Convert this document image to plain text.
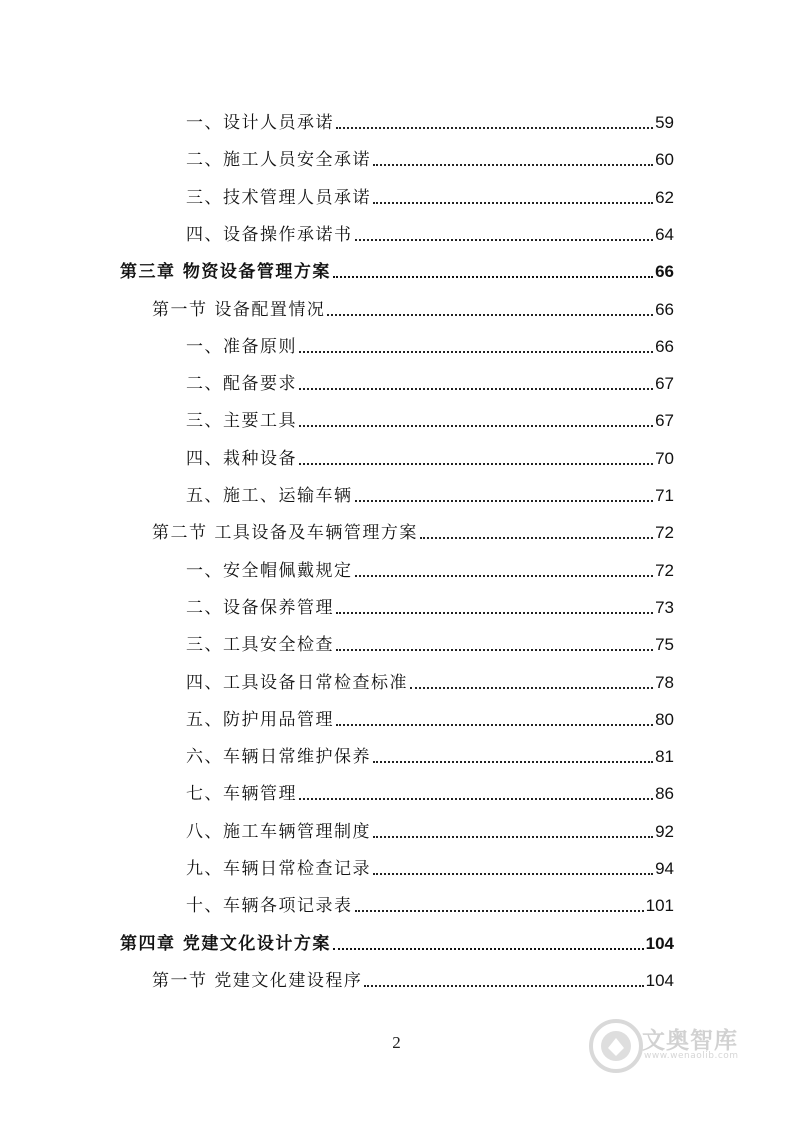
一、设计人员承诺	59
二、施工人员安全承诺	60
三、技术管理人员承诺	62
四、设备操作承诺书	64
第三章 物资设备管理方案	66
第一节 设备配置情况	66
一、准备原则	66
二、配备要求	67
三、主要工具	67
四、栽种设备	70
五、施工、运输车辆	71
第二节 工具设备及车辆管理方案	72
一、安全帽佩戴规定	72
二、设备保养管理	73
三、工具安全检查	75
四、工具设备日常检查标准	78
五、防护用品管理	80
六、车辆日常维护保养	81
七、车辆管理	86
八、施工车辆管理制度	92
九、车辆日常检查记录	94
十、车辆各项记录表	101
第四章 党建文化设计方案	104
第一节 党建文化建设程序	104
2	文奥智库
www.wenaolib.com
